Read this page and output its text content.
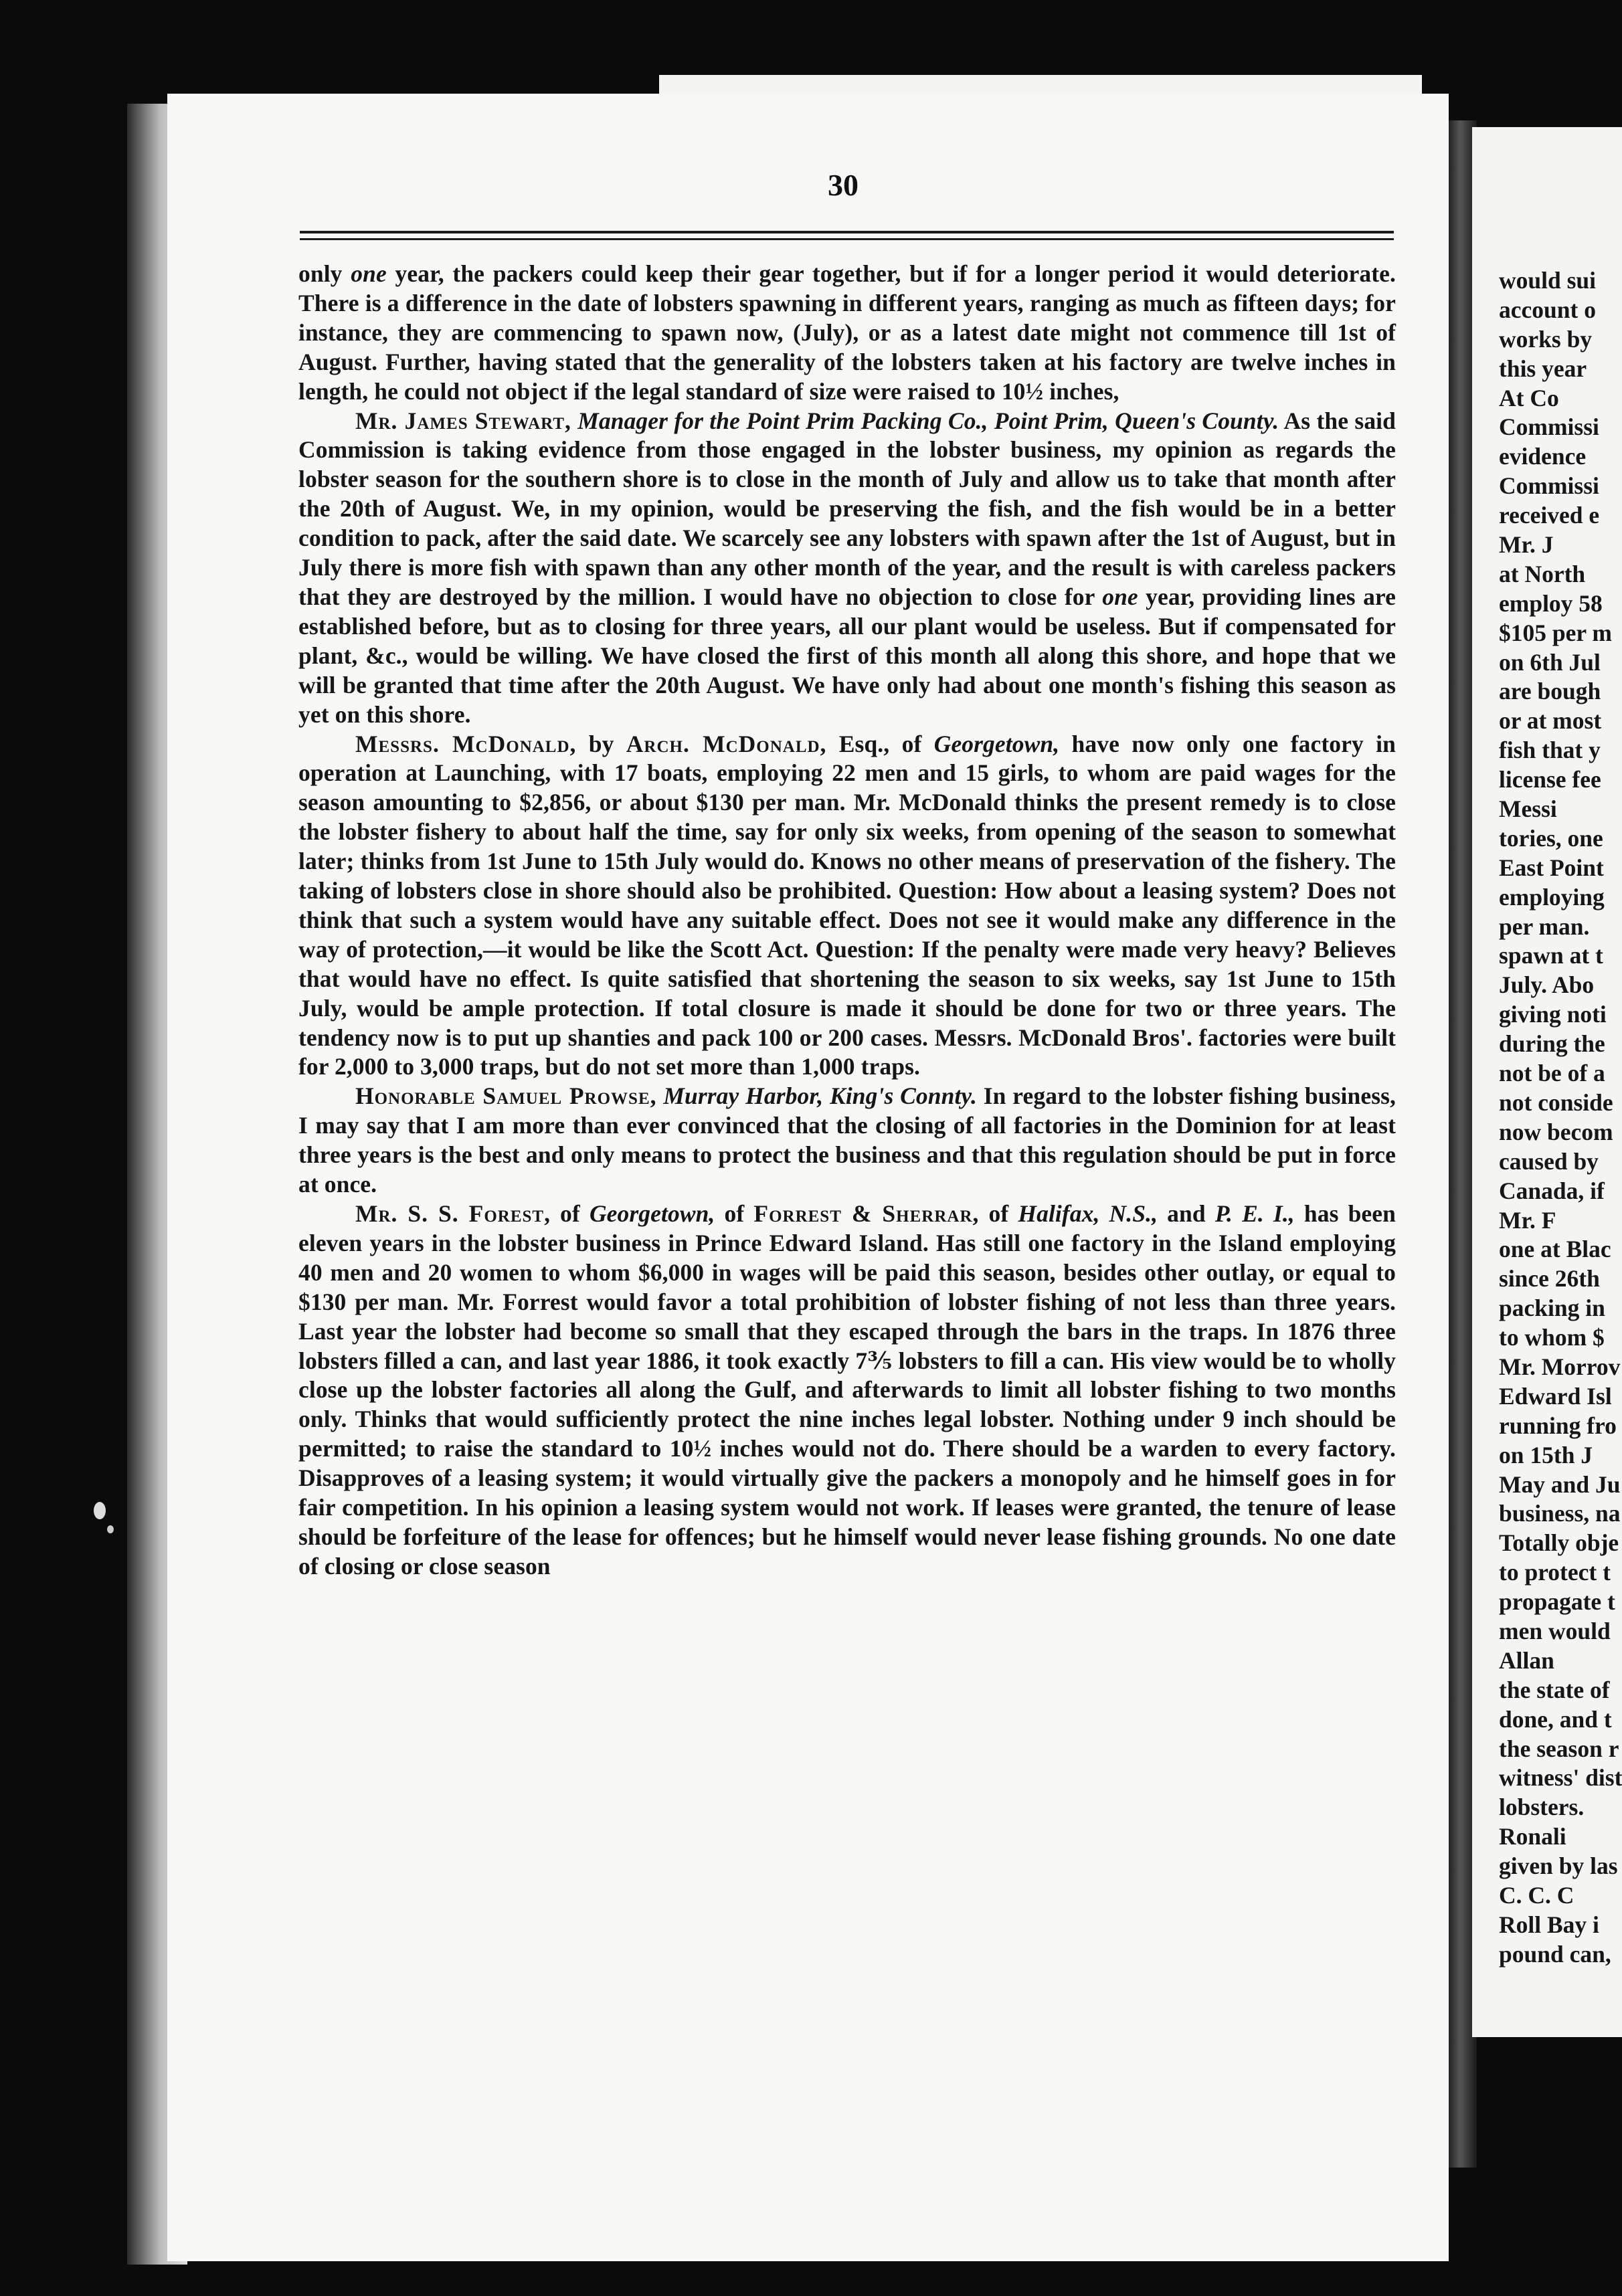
30

only one year, the packers could keep their gear together, but if for a longer period it would deteriorate. There is a difference in the date of lobsters spawning in different years, ranging as much as fifteen days; for instance, they are commencing to spawn now, (July), or as a latest date might not commence till 1st of August. Further, having stated that the generality of the lobsters taken at his factory are twelve inches in length, he could not object if the legal standard of size were raised to 10½ inches,

Mr. James Stewart, Manager for the Point Prim Packing Co., Point Prim, Queen's County. As the said Commission is taking evidence from those engaged in the lobster business, my opinion as regards the lobster season for the southern shore is to close in the month of July and allow us to take that month after the 20th of August. We, in my opinion, would be preserving the fish, and the fish would be in a better condition to pack, after the said date. We scarcely see any lobsters with spawn after the 1st of August, but in July there is more fish with spawn than any other month of the year, and the result is with careless packers that they are destroyed by the million. I would have no objection to close for one year, providing lines are established before, but as to closing for three years, all our plant would be useless. But if compensated for plant, &c., would be willing. We have closed the first of this month all along this shore, and hope that we will be granted that time after the 20th August. We have only had about one month's fishing this season as yet on this shore.

Messrs. McDonald, by Arch. McDonald, Esq., of Georgetown, have now only one factory in operation at Launching, with 17 boats, employing 22 men and 15 girls, to whom are paid wages for the season amounting to $2,856, or about $130 per man. Mr. McDonald thinks the present remedy is to close the lobster fishery to about half the time, say for only six weeks, from opening of the season to somewhat later; thinks from 1st June to 15th July would do. Knows no other means of preservation of the fishery. The taking of lobsters close in shore should also be prohibited. Question: How about a leasing system? Does not think that such a system would have any suitable effect. Does not see it would make any difference in the way of protection,—it would be like the Scott Act. Question: If the penalty were made very heavy? Believes that would have no effect. Is quite satisfied that shortening the season to six weeks, say 1st June to 15th July, would be ample protection. If total closure is made it should be done for two or three years. The tendency now is to put up shanties and pack 100 or 200 cases. Messrs. McDonald Bros'. factories were built for 2,000 to 3,000 traps, but do not set more than 1,000 traps.

Honorable Samuel Prowse, Murray Harbor, King's Connty. In regard to the lobster fishing business, I may say that I am more than ever convinced that the closing of all factories in the Dominion for at least three years is the best and only means to protect the business and that this regulation should be put in force at once.

Mr. S. S. Forest, of Georgetown, of Forrest & Sherrar, of Halifax, N.S., and P. E. I., has been eleven years in the lobster business in Prince Edward Island. Has still one factory in the Island employing 40 men and 20 women to whom $6,000 in wages will be paid this season, besides other outlay, or equal to $130 per man. Mr. Forrest would favor a total prohibition of lobster fishing of not less than three years. Last year the lobster had become so small that they escaped through the bars in the traps. In 1876 three lobsters filled a can, and last year 1886, it took exactly 7⅗ lobsters to fill a can. His view would be to wholly close up the lobster factories all along the Gulf, and afterwards to limit all lobster fishing to two months only. Thinks that would sufficiently protect the nine inches legal lobster. Nothing under 9 inch should be permitted; to raise the standard to 10½ inches would not do. There should be a warden to every factory. Disapproves of a leasing system; it would virtually give the packers a monopoly and he himself goes in for fair competition. In his opinion a leasing system would not work. If leases were granted, the tenure of lease should be forfeiture of the lease for offences; but he himself would never lease fishing grounds. No one date of closing or close season

would sui
account o
works by
this year
At Co
Commissi
evidence
Commissi
received e
Mr. J
at North
employ 58
$105 per m
on 6th Jul
are bough
or at most
fish that y
license fee
Messi
tories, one
East Point
employing
per man.
spawn at t
July. Abo
giving noti
during the
not be of a
not conside
now becom
caused by
Canada, if
Mr. F
one at Blac
since 26th
packing in
to whom $
Mr. Morrov
Edward Isl
running fro
on 15th J
May and Ju
business, na
Totally obje
to protect t
propagate t
men would
Allan
the state of
done, and t
the season r
witness' dist
lobsters.
Ronali
given by las
C. C. C
Roll Bay i
pound can,
